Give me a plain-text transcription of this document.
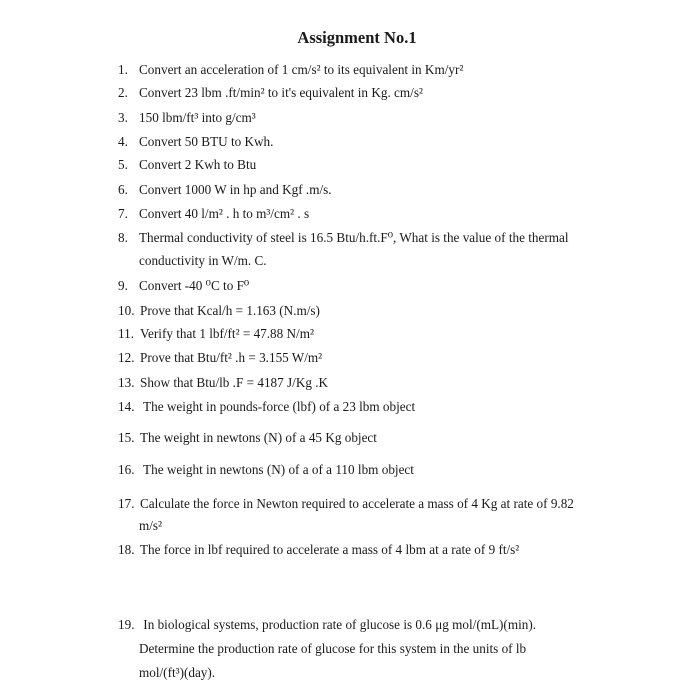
Assignment No.1
1. Convert an acceleration of 1 cm/s² to its equivalent in Km/yr²
2. Convert 23 lbm .ft/min² to it's equivalent in Kg. cm/s²
3. 150 lbm/ft³ into g/cm³
4. Convert 50 BTU to Kwh.
5. Convert 2 Kwh to Btu
6. Convert 1000 W in hp and Kgf .m/s.
7. Convert 40 l/m² . h to m³/cm² . s
8. Thermal conductivity of steel is 16.5 Btu/h.ft.F⁰, What is the value of the thermal
conductivity in W/m. C.
9. Convert -40 ⁰C to F⁰
10. Prove that Kcal/h = 1.163 (N.m/s)
11. Verify that 1 lbf/ft² = 47.88 N/m²
12. Prove that Btu/ft² .h = 3.155 W/m²
13. Show that Btu/lb .F = 4187 J/Kg .K
14. The weight in pounds-force (lbf) of a 23 lbm object
15. The weight in newtons (N) of a 45 Kg object
16. The weight in newtons (N) of a of a 110 lbm object
17. Calculate the force in Newton required to accelerate a mass of 4 Kg at rate of 9.82
m/s²
18. The force in lbf required to accelerate a mass of 4 lbm at a rate of 9 ft/s²
19. In biological systems, production rate of glucose is 0.6 μg mol/(mL)(min).
Determine the production rate of glucose for this system in the units of lb
mol/(ft³)(day).
